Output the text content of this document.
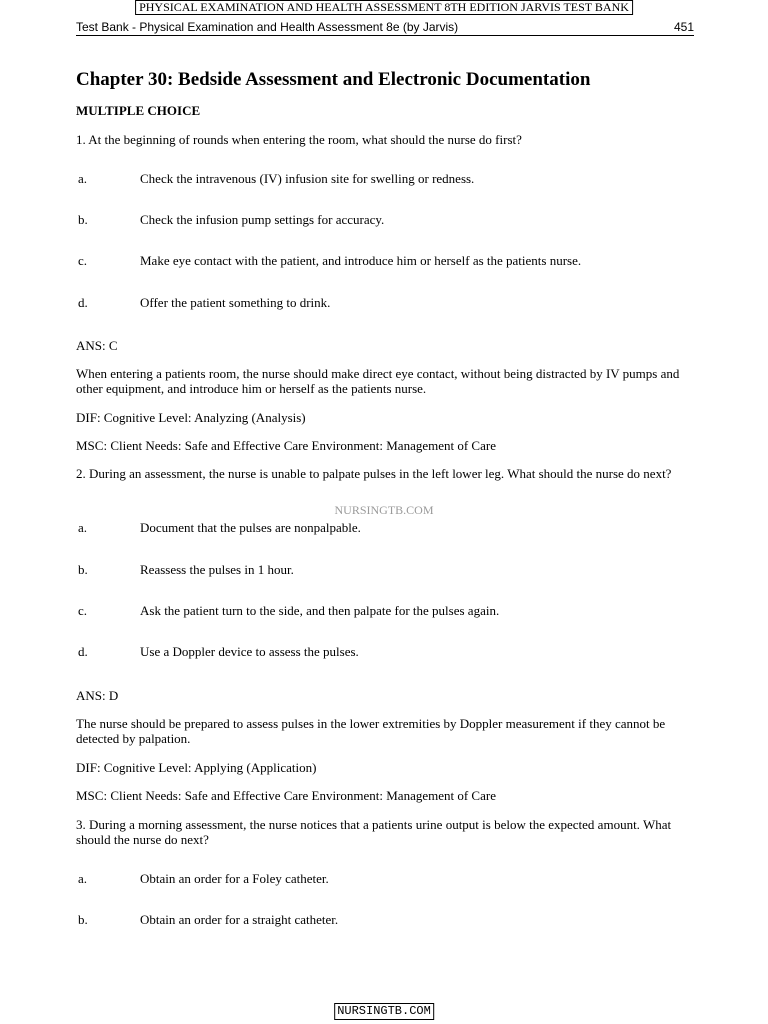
PHYSICAL EXAMINATION AND HEALTH ASSESSMENT 8TH EDITION JARVIS TEST BANK
Test Bank - Physical Examination and Health Assessment 8e (by Jarvis)	451
Chapter 30: Bedside Assessment and Electronic Documentation
MULTIPLE CHOICE
1. At the beginning of rounds when entering the room, what should the nurse do first?
a.	Check the intravenous (IV) infusion site for swelling or redness.
b.	Check the infusion pump settings for accuracy.
c.	Make eye contact with the patient, and introduce him or herself as the patients nurse.
d.	Offer the patient something to drink.
ANS: C
When entering a patients room, the nurse should make direct eye contact, without being distracted by IV pumps and other equipment, and introduce him or herself as the patients nurse.
DIF: Cognitive Level: Analyzing (Analysis)
MSC: Client Needs: Safe and Effective Care Environment: Management of Care
2. During an assessment, the nurse is unable to palpate pulses in the left lower leg. What should the nurse do next?
a.	Document that the pulses are nonpalpable.
b.	Reassess the pulses in 1 hour.
c.	Ask the patient turn to the side, and then palpate for the pulses again.
d.	Use a Doppler device to assess the pulses.
ANS: D
The nurse should be prepared to assess pulses in the lower extremities by Doppler measurement if they cannot be detected by palpation.
DIF: Cognitive Level: Applying (Application)
MSC: Client Needs: Safe and Effective Care Environment: Management of Care
3. During a morning assessment, the nurse notices that a patients urine output is below the expected amount. What should the nurse do next?
a.	Obtain an order for a Foley catheter.
b.	Obtain an order for a straight catheter.
NURSINGTB.COM
NURSINGTB.COM
